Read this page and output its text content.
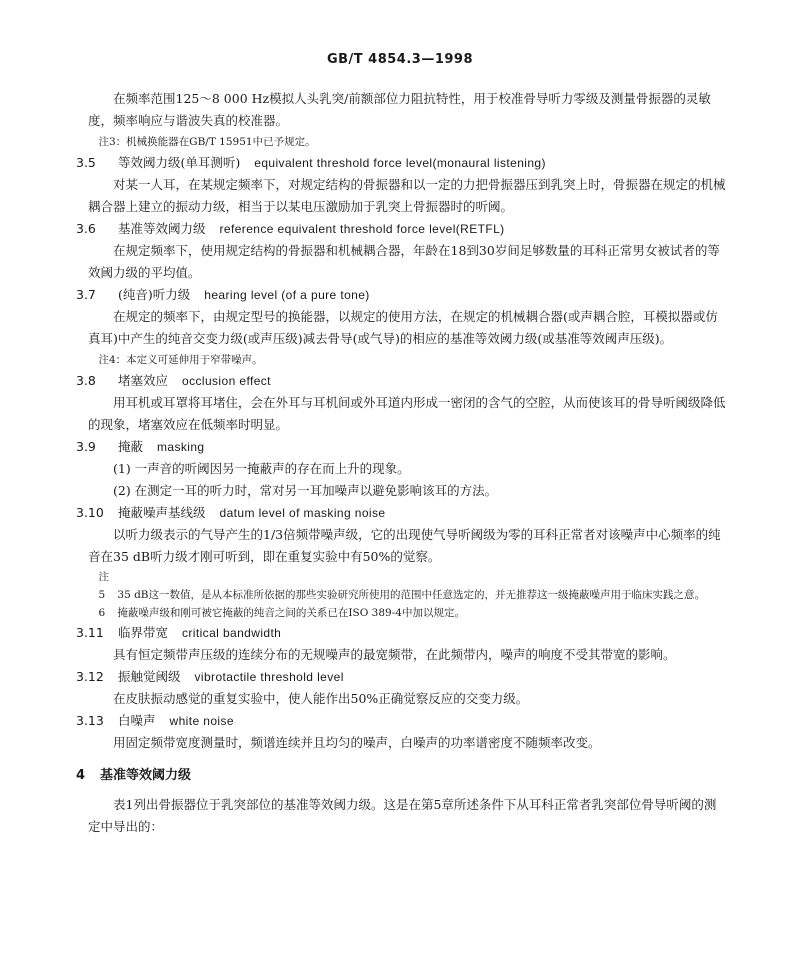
GB/T 4854.3—1998

在频率范围125～8 000 Hz模拟人头乳突/前额部位力阻抗特性，用于校准骨导听力零级及测量骨振器的灵敏度，频率响应与谐波失真的校准器。

注3：机械换能器在GB/T 15951中已予规定。

3.5	等效阈力级(单耳测听) equivalent threshold force level(monaural listening)

对某一人耳，在某规定频率下，对规定结构的骨振器和以一定的力把骨振器压到乳突上时，骨振器在规定的机械耦合器上建立的振动力级，相当于以某电压激励加于乳突上骨振器时的听阈。

3.6	基准等效阈力级 reference equivalent threshold force level(RETFL)

在规定频率下，使用规定结构的骨振器和机械耦合器，年龄在18到30岁间足够数量的耳科正常男女被试者的等效阈力级的平均值。

3.7	(纯音)听力级 hearing level (of a pure tone)

在规定的频率下，由规定型号的换能器，以规定的使用方法，在规定的机械耦合器(或声耦合腔，耳模拟器或仿真耳)中产生的纯音交变力级(或声压级)减去骨导(或气导)的相应的基准等效阈力级(或基准等效阈声压级)。

注4：本定义可延伸用于窄带噪声。

3.8	堵塞效应 occlusion effect

用耳机或耳罩将耳堵住，会在外耳与耳机间或外耳道内形成一密闭的含气的空腔，从而使该耳的骨导听阈级降低的现象，堵塞效应在低频率时明显。

3.9	掩蔽 masking

(1) 一声音的听阈因另一掩蔽声的存在而上升的现象。

(2) 在测定一耳的听力时，常对另一耳加噪声以避免影响该耳的方法。

3.10	掩蔽噪声基线级 datum level of masking noise

以听力级表示的气导产生的1/3倍频带噪声级，它的出现使气导听阈级为零的耳科正常者对该噪声中心频率的纯音在35 dB听力级才刚可听到，即在重复实验中有50%的觉察。

注

5	35 dB这一数值，是从本标准所依据的那些实验研究所使用的范围中任意选定的，并无推荐这一级掩蔽噪声用于临床实践之意。
6	掩蔽噪声级和刚可被它掩蔽的纯音之间的关系已在ISO 389-4中加以规定。
3.11	临界带宽 critical bandwidth

具有恒定频带声压级的连续分布的无规噪声的最宽频带，在此频带内，噪声的响度不受其带宽的影响。

3.12	振触觉阈级 vibrotactile threshold level

在皮肤振动感觉的重复实验中，使人能作出50%正确觉察反应的交变力级。

3.13	白噪声 white noise

用固定频带宽度测量时，频谱连续并且均匀的噪声，白噪声的功率谱密度不随频率改变。

4	基准等效阈力级

表1列出骨振器位于乳突部位的基准等效阈力级。这是在第5章所述条件下从耳科正常者乳突部位骨导听阈的测定中导出的：
